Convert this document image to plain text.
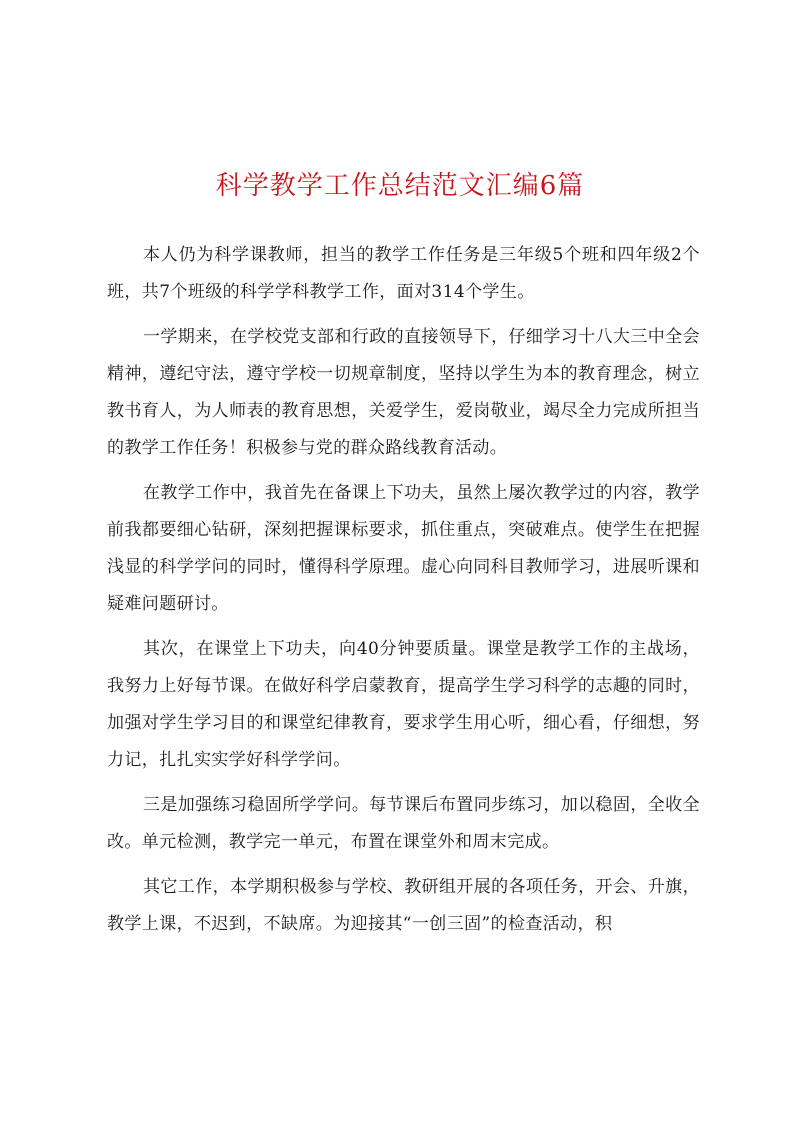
科学教学工作总结范文汇编6篇

本人仍为科学课教师，担当的教学工作任务是三年级5个班和四年级2个班，共7个班级的科学学科教学工作，面对314个学生。

一学期来，在学校党支部和行政的直接领导下，仔细学习十八大三中全会精神，遵纪守法，遵守学校一切规章制度，坚持以学生为本的教育理念，树立教书育人，为人师表的教育思想，关爱学生，爱岗敬业，竭尽全力完成所担当的教学工作任务！积极参与党的群众路线教育活动。

在教学工作中，我首先在备课上下功夫，虽然上屡次教学过的内容，教学前我都要细心钻研，深刻把握课标要求，抓住重点，突破难点。使学生在把握浅显的科学学问的同时，懂得科学原理。虚心向同科目教师学习，进展听课和疑难问题研讨。

其次，在课堂上下功夫，向40分钟要质量。课堂是教学工作的主战场，我努力上好每节课。在做好科学启蒙教育，提高学生学习科学的志趣的同时，加强对学生学习目的和课堂纪律教育，要求学生用心听，细心看，仔细想，努力记，扎扎实实学好科学学问。

三是加强练习稳固所学学问。每节课后布置同步练习，加以稳固，全收全改。单元检测，教学完一单元，布置在课堂外和周末完成。

其它工作，本学期积极参与学校、教研组开展的各项任务，开会、升旗，教学上课，不迟到，不缺席。为迎接其“一创三固”的检查活动，积
